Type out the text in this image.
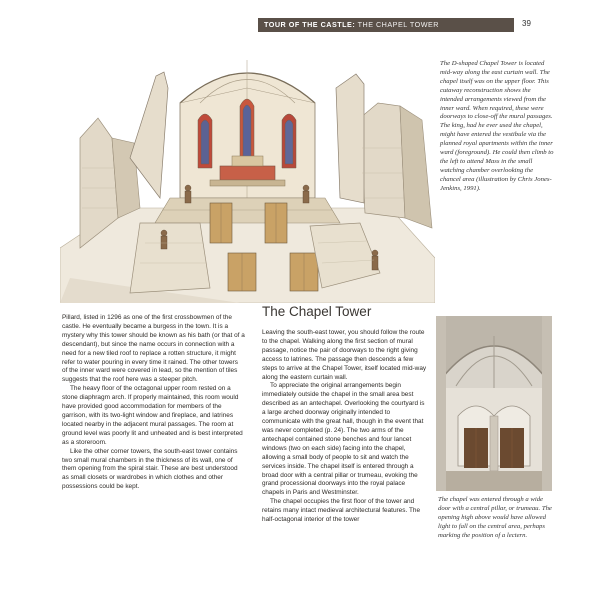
TOUR OF THE CASTLE: THE CHAPEL TOWER	39

The D-shaped Chapel Tower is located mid-way along the east curtain wall. The chapel itself was on the upper floor. This cutaway reconstruction shows the intended arrangements viewed from the inner ward. When required, these were doorways to close-off the mural passages. The king, had he ever used the chapel, might have entered the vestibule via the planned royal apartments within the inner ward (foreground). He could then climb to the left to attend Mass in the small watching chamber overlooking the chancel area (illustration by Chris Jones-Jenkins, 1991).

Pillard, listed in 1296 as one of the first crossbowmen of the castle. He eventually became a burgess in the town. It is a mystery why this tower should be known as his bath (or that of a descendant), but since the name occurs in connection with a need for a new tiled roof to replace a rotten structure, it might refer to water pouring in every time it rained. The other towers of the inner ward were covered in lead, so the mention of tiles suggests that the roof here was a steeper pitch.

The heavy floor of the octagonal upper room rested on a stone diaphragm arch. If properly maintained, this room would have provided good accommodation for members of the garrison, with its two-light window and fireplace, and latrines located nearby in the adjacent mural passages. The room at ground level was poorly lit and unheated and is best interpreted as a storeroom.

Like the other corner towers, the south-east tower contains two small mural chambers in the thickness of its wall, one of them opening from the spiral stair. These are best understood as small closets or wardrobes in which clothes and other possessions could be kept.

The Chapel Tower

Leaving the south-east tower, you should follow the route to the chapel. Walking along the first section of mural passage, notice the pair of doorways to the right giving access to latrines. The passage then descends a few steps to arrive at the Chapel Tower, itself located mid-way along the eastern curtain wall.

To appreciate the original arrangements begin immediately outside the chapel in the small area best described as an antechapel. Overlooking the courtyard is a large arched doorway originally intended to communicate with the great hall, though in the event that was never completed (p. 24). The two arms of the antechapel contained stone benches and four lancet windows (two on each side) facing into the chapel, allowing a small body of people to sit and watch the services inside. The chapel itself is entered through a broad door with a central pillar or trumeau, evoking the grand processional doorways into the royal palace chapels in Paris and Westminster.

The chapel occupies the first floor of the tower and retains many intact medieval architectural features. The half-octagonal interior of the tower

The chapel was entered through a wide door with a central pillar, or trumeau. The opening high above would have allowed light to fall on the central area, perhaps marking the position of a lectern.
